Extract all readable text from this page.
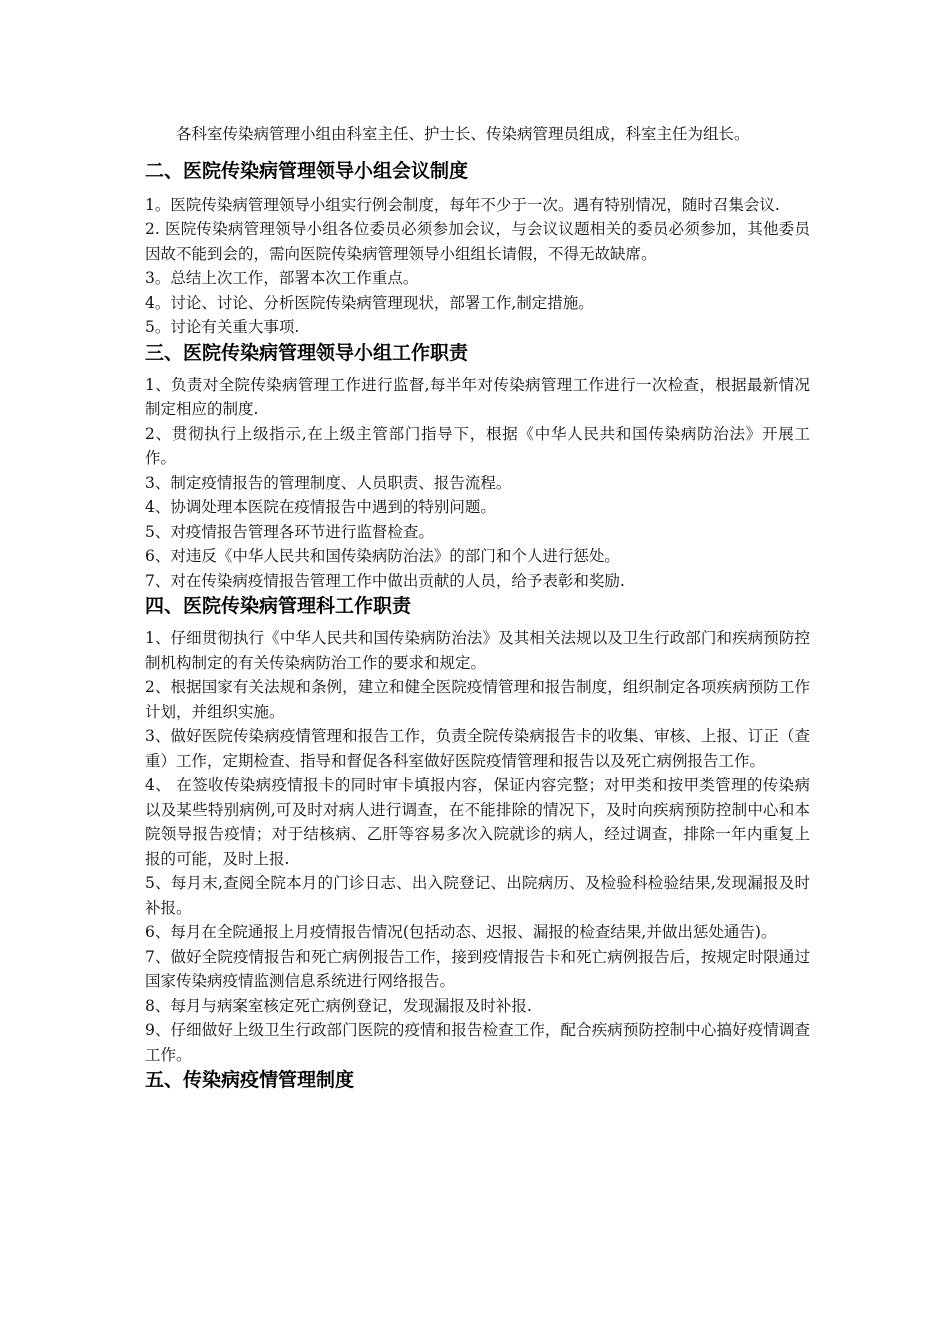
各科室传染病管理小组由科室主任、护士长、传染病管理员组成，科室主任为组长。

二、医院传染病管理领导小组会议制度

1。医院传染病管理领导小组实行例会制度，每年不少于一次。遇有特别情况，随时召集会议.

2. 医院传染病管理领导小组各位委员必须参加会议，与会议议题相关的委员必须参加，其他委员因故不能到会的，需向医院传染病管理领导小组组长请假，不得无故缺席。

3。总结上次工作，部署本次工作重点。

4。讨论、讨论、分析医院传染病管理现状，部署工作,制定措施。

5。讨论有关重大事项.

三、医院传染病管理领导小组工作职责

1、负责对全院传染病管理工作进行监督,每半年对传染病管理工作进行一次检查，根据最新情况制定相应的制度.

2、贯彻执行上级指示,在上级主管部门指导下，根据《中华人民共和国传染病防治法》开展工作。

3、制定疫情报告的管理制度、人员职责、报告流程。

4、协调处理本医院在疫情报告中遇到的特别问题。

5、对疫情报告管理各环节进行监督检查。

6、对违反《中华人民共和国传染病防治法》的部门和个人进行惩处。

7、对在传染病疫情报告管理工作中做出贡献的人员，给予表彰和奖励.

四、医院传染病管理科工作职责

1、仔细贯彻执行《中华人民共和国传染病防治法》及其相关法规以及卫生行政部门和疾病预防控制机构制定的有关传染病防治工作的要求和规定。

2、根据国家有关法规和条例，建立和健全医院疫情管理和报告制度，组织制定各项疾病预防工作计划，并组织实施。

3、做好医院传染病疫情管理和报告工作，负责全院传染病报告卡的收集、审核、上报、订正（查重）工作，定期检查、指导和督促各科室做好医院疫情管理和报告以及死亡病例报告工作。

4、 在签收传染病疫情报卡的同时审卡填报内容，保证内容完整；对甲类和按甲类管理的传染病以及某些特别病例,可及时对病人进行调查，在不能排除的情况下，及时向疾病预防控制中心和本院领导报告疫情；对于结核病、乙肝等容易多次入院就诊的病人，经过调查，排除一年内重复上报的可能，及时上报.

5、每月末,查阅全院本月的门诊日志、出入院登记、出院病历、及检验科检验结果,发现漏报及时补报。

6、每月在全院通报上月疫情报告情况(包括动态、迟报、漏报的检查结果,并做出惩处通告)。

7、做好全院疫情报告和死亡病例报告工作，接到疫情报告卡和死亡病例报告后，按规定时限通过国家传染病疫情监测信息系统进行网络报告。

8、每月与病案室核定死亡病例登记，发现漏报及时补报.

9、仔细做好上级卫生行政部门医院的疫情和报告检查工作，配合疾病预防控制中心搞好疫情调查工作。

五、传染病疫情管理制度
